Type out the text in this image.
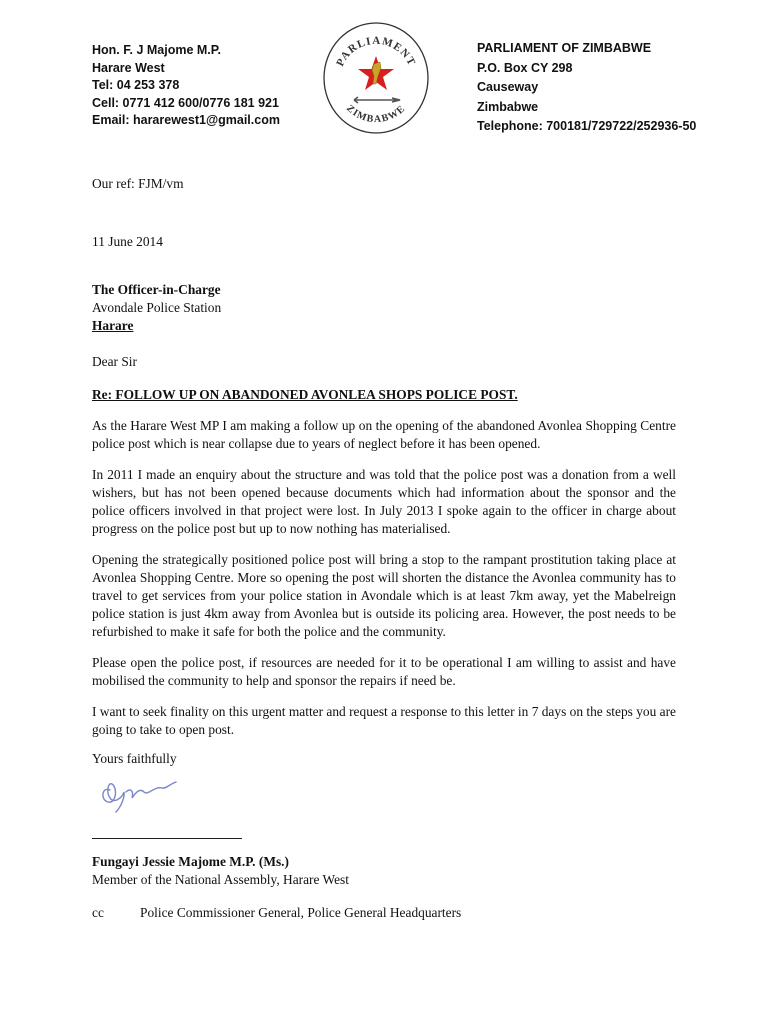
Hon. F. J Majome M.P.
Harare West
Tel: 04 253 378
Cell: 0771 412 600/0776 181 921
Email: hararewest1@gmail.com
PARLIAMENT
ZIMBABWE
PARLIAMENT OF ZIMBABWE
P.O. Box CY 298
Causeway
Zimbabwe
Telephone: 700181/729722/252936-50

Our ref: FJM/vm

11 June 2014

The Officer-in-Charge

Avondale Police Station

Harare

Dear Sir

Re: FOLLOW UP ON ABANDONED AVONLEA SHOPS POLICE POST.

As the Harare West MP I am making a follow up on the opening of the abandoned Avonlea Shopping Centre police post which is near collapse due to years of neglect before it has been opened.

In 2011 I made an enquiry about the structure and was told that the police post was a donation from a well wishers, but has not been opened because documents which had information about the sponsor and the police officers involved in that project were lost. In July 2013 I spoke again to the officer in charge about progress on the police post but up to now nothing has materialised.

Opening the strategically positioned police post will bring a stop to the rampant prostitution taking place at Avonlea Shopping Centre. More so opening the post will shorten the distance the Avonlea community has to travel to get services from your police station in Avondale which is at least 7km away, yet the Mabelreign police station is just 4km away from Avonlea but is outside its policing area. However, the post needs to be refurbished to make it safe for both the police and the community.

Please open the police post, if resources are needed for it to be operational I am willing to assist and have mobilised the community to help and sponsor the repairs if need be.

I want to seek finality on this urgent matter and request a response to this letter in 7 days on the steps you are going to take to open post.

Yours faithfully

Fungayi Jessie Majome M.P. (Ms.)
Member of the National Assembly, Harare West
cc	Police Commissioner General, Police General Headquarters
